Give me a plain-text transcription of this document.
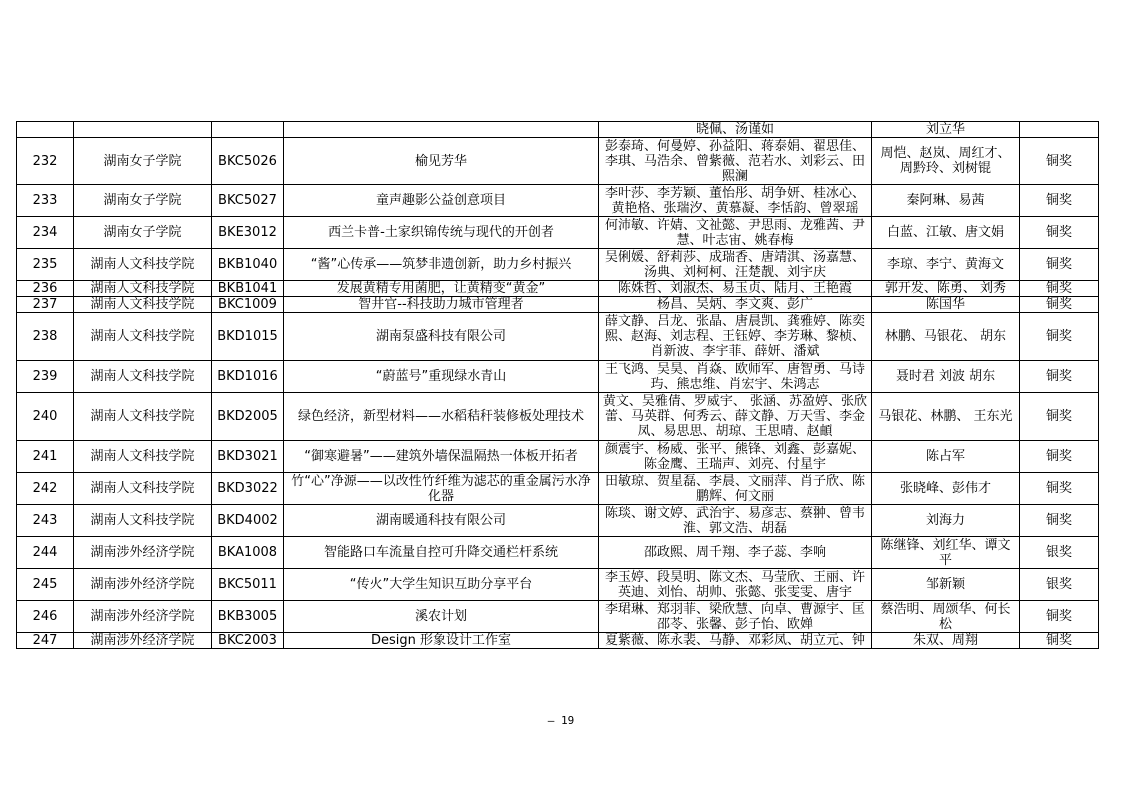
				晓佩、汤谨如	刘立华	
232	湖南女子学院	BKC5026	榆见芳华	彭泰琦、何曼婷、孙益阳、蒋泰娟、翟思佳、李琪、马浩余、曾紫薇、范若水、刘彩云、田熙澜	周恺、赵岚、周红才、周黔玲、刘树锟	铜奖
233	湖南女子学院	BKC5027	童声趣影公益创意项目	李叶莎、李芳颖、董怡彤、胡争妍、桂冰心、黄艳格、张瑞汐、黄慕凝、李恬韵、曾翠瑶	秦阿琳、易茜	铜奖
234	湖南女子学院	BKE3012	西兰卡普-土家织锦传统与现代的开创者	何沛敏、许婧、文祉懿、尹思雨、龙雅茜、尹慧、叶志宙、姚春梅	白蓝、江敏、唐文娟	铜奖
235	湖南人文科技学院	BKB1040	“酱”心传承——筑梦非遗创新，助力乡村振兴	吴俐媛、舒莉莎、成瑞香、唐靖淇、汤嘉慧、汤典、刘柯柯、汪楚靓、刘宇庆	李琼、李宁、黄海文	铜奖
236	湖南人文科技学院	BKB1041	发展黄精专用菌肥，让黄精变“黄金”	陈姝哲、刘淑杰、易玉贞、陆月、王艳霞	郭开发、陈勇、 刘秀	铜奖
237	湖南人文科技学院	BKC1009	智井官--科技助力城市管理者	杨昌、吴炳、李文爽、彭广	陈国华	铜奖
238	湖南人文科技学院	BKD1015	湖南泵盛科技有限公司	薛文静、吕龙、张晶、唐晨凯、龚雅婷、陈奕熙、赵海、刘志程、王钰婷、李芳琳、黎桢、肖新波、李宇菲、薛妍、潘斌	林鹏、马银花、 胡东	铜奖
239	湖南人文科技学院	BKD1016	“蔚蓝号”重现绿水青山	王飞鸿、吴昊、肖焱、欧师军、唐智勇、马诗玙、熊忠维、肖宏宇、朱鸿志	聂时君 刘波 胡东	铜奖
240	湖南人文科技学院	BKD2005	绿色经济，新型材料——水稻秸秆装修板处理技术	黄文、吴雅倩、罗威宇、 张涵、苏盈婷、张欣蕾、马英群、何秀云、薛文静、万天雪、李金凤、易思思、胡琼、王思晴、赵頔	马银花、林鹏、 王东光	铜奖
241	湖南人文科技学院	BKD3021	“御寒避暑”——建筑外墙保温隔热一体板开拓者	颜震宇、杨威、张平、熊锋、刘鑫、彭嘉妮、陈金鹰、王瑞声、刘亮、付星宇	陈占军	铜奖
242	湖南人文科技学院	BKD3022	竹“心”净源——以改性竹纤维为滤芯的重金属污水净化器	田敏琼、贺星磊、李晨、文丽萍、肖子欣、陈鹏辉、何文丽	张晓峰、彭伟才	铜奖
243	湖南人文科技学院	BKD4002	湖南暖通科技有限公司	陈琰、谢文婷、武治宇、易彦志、蔡翀、曾韦淮、郭文浩、胡磊	刘海力	铜奖
244	湖南涉外经济学院	BKA1008	智能路口车流量自控可升降交通栏杆系统	邵政熙、周千翔、李子蕊、李响	陈继锋、刘红华、谭文平	银奖
245	湖南涉外经济学院	BKC5011	“传火”大学生知识互助分享平台	李玉婷、段昊明、陈文杰、马莹欣、王丽、许英迪、刘怡、胡帅、张懿、张雯雯、唐宇	邹新颖	银奖
246	湖南涉外经济学院	BKB3005	溪农计划	李珺琳、郑羽菲、梁欣慧、向卓、曹源宇、匡邵苓、张馨、彭子怡、欧婵	蔡浩明、周颂华、何长松	铜奖
247	湖南涉外经济学院	BKC2003	Design 形象设计工作室	夏紫薇、陈永裴、马静、邓彩凤、胡立元、钟	朱双、周翔	铜奖
— 19
